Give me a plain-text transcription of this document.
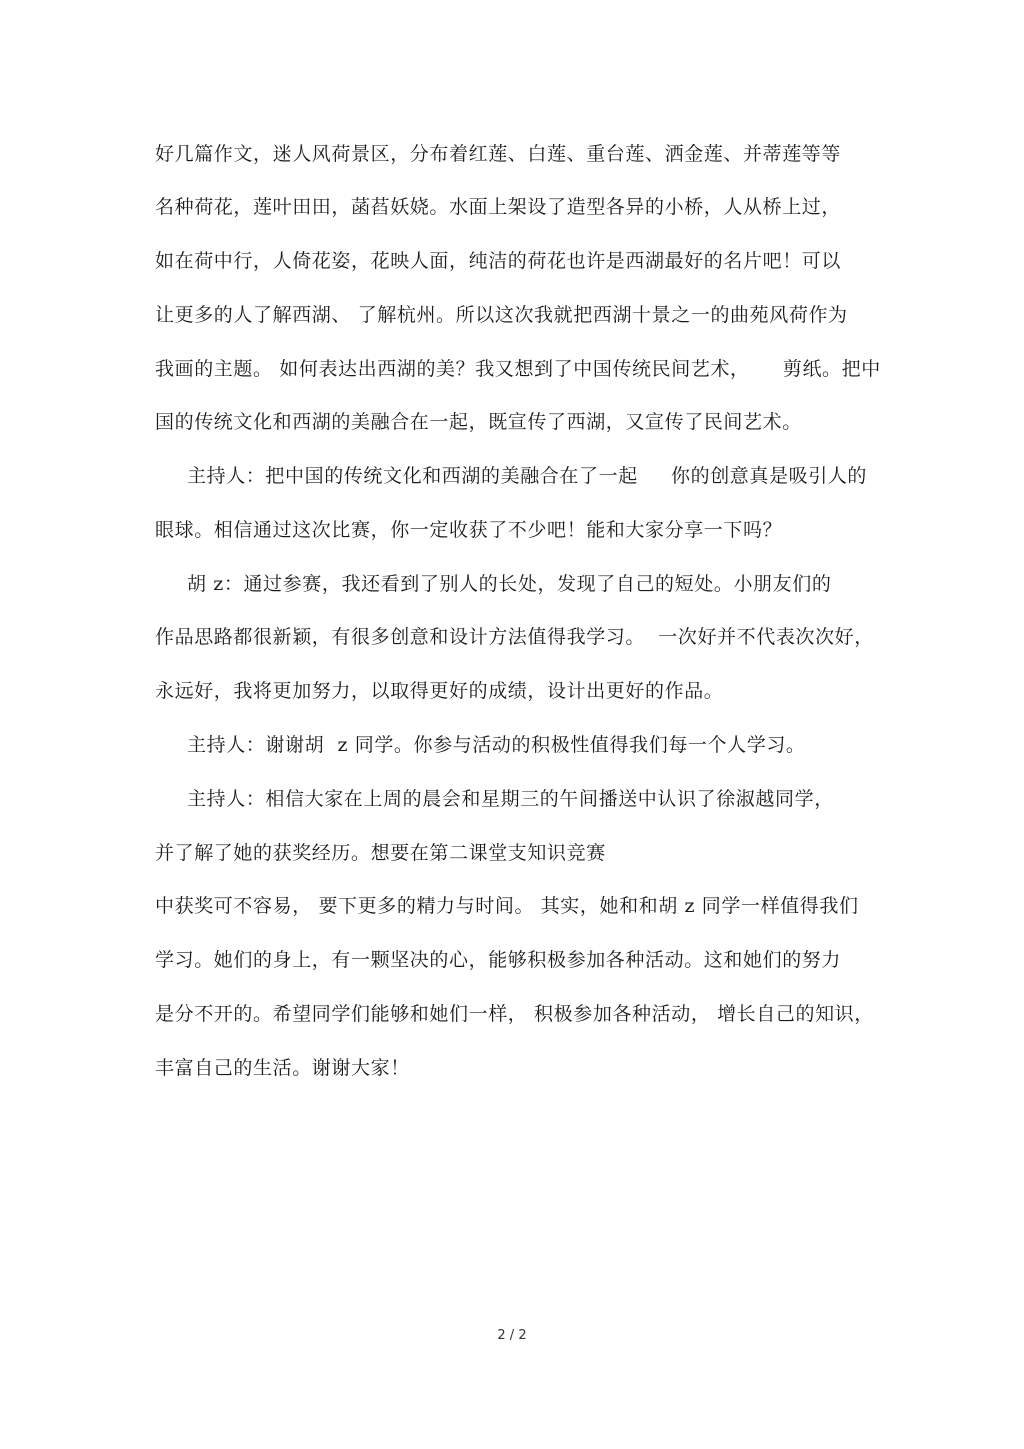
好几篇作文，迷人风荷景区，分布着红莲、白莲、重台莲、洒金莲、并蒂莲等等
名种荷花，莲叶田田，菡萏妖娆。水面上架设了造型各异的小桥，人从桥上过，
如在荷中行，人倚花姿，花映人面，纯洁的荷花也许是西湖最好的名片吧！可以
让更多的人了解西湖、 了解杭州。所以这次我就把西湖十景之一的曲苑风荷作为
我画的主题。 如何表达出西湖的美？我又想到了中国传统民间艺术，     剪纸。把中
国的传统文化和西湖的美融合在一起，既宣传了西湖，又宣传了民间艺术。
主持人：把中国的传统文化和西湖的美融合在了一起     你的创意真是吸引人的
眼球。相信通过这次比赛，你一定收获了不少吧！能和大家分享一下吗？
胡 z：通过参赛，我还看到了别人的长处，发现了自己的短处。小朋友们的
作品思路都很新颖，有很多创意和设计方法值得我学习。  一次好并不代表次次好，
永远好，我将更加努力，以取得更好的成绩，设计出更好的作品。
主持人：谢谢胡  z 同学。你参与活动的积极性值得我们每一个人学习。
主持人：相信大家在上周的晨会和星期三的午间播送中认识了徐淑越同学，
并了解了她的获奖经历。想要在第二课堂支知识竞赛
中获奖可不容易， 要下更多的精力与时间。 其实，她和和胡 z 同学一样值得我们
学习。她们的身上，有一颗坚决的心，能够积极参加各种活动。这和她们的努力
是分不开的。希望同学们能够和她们一样， 积极参加各种活动， 增长自己的知识，
丰富自己的生活。谢谢大家！
2 / 2
